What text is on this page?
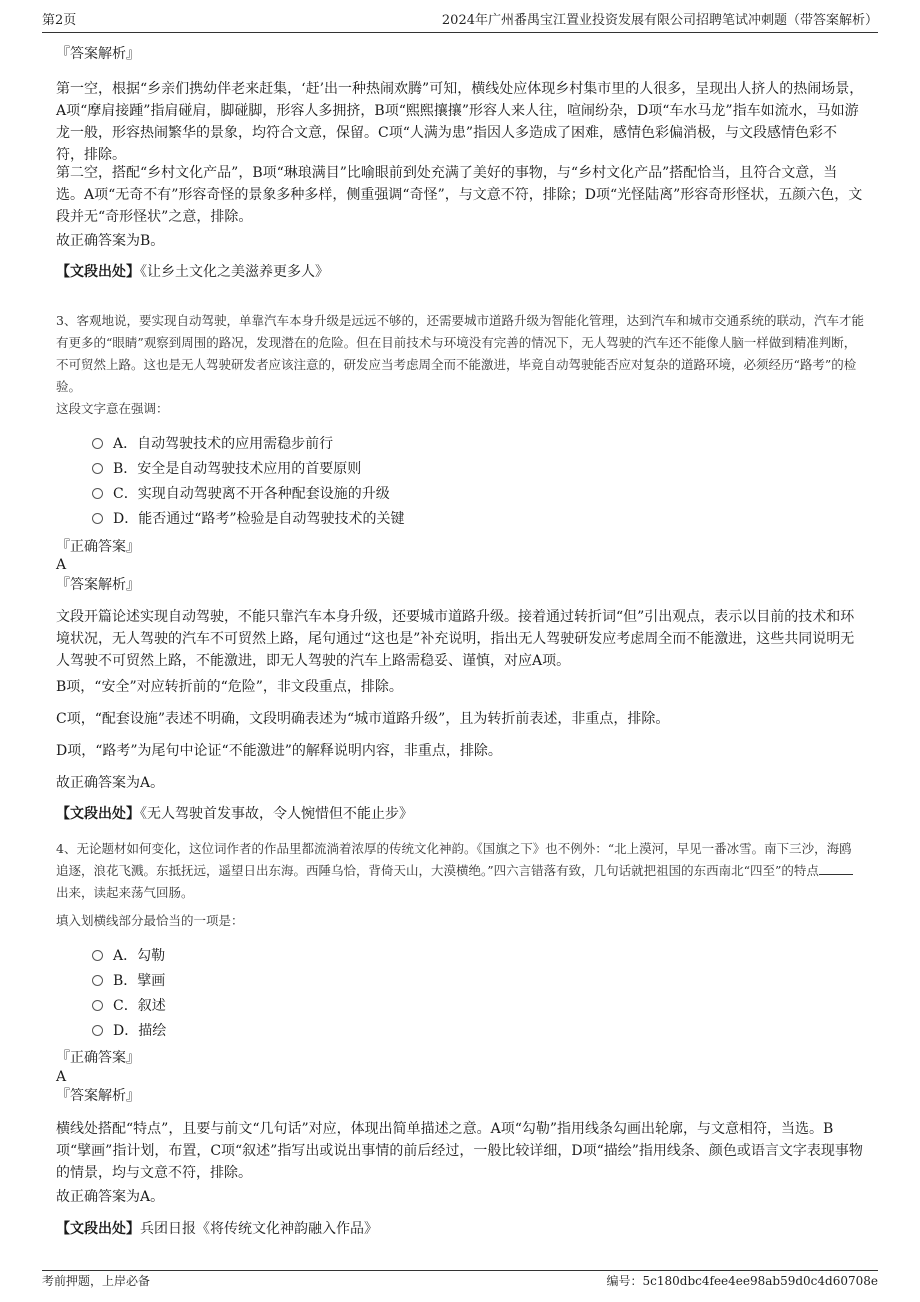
第2页	2024年广州番禺宝江置业投资发展有限公司招聘笔试冲刺题（带答案解析）

『答案解析』

第一空，根据“乡亲们携幼伴老来赶集，‘赶’出一种热闹欢腾”可知，横线处应体现乡村集市里的人很多，呈现出人挤人的热闹场景，A项“摩肩接踵”指肩碰肩，脚碰脚，形容人多拥挤，B项“熙熙攘攘”形容人来人往，喧闹纷杂，D项“车水马龙”指车如流水，马如游龙一般，形容热闹繁华的景象，均符合文意，保留。C项“人满为患”指因人多造成了困难，感情色彩偏消极，与文段感情色彩不符，排除。

第二空，搭配“乡村文化产品”，B项“琳琅满目”比喻眼前到处充满了美好的事物，与“乡村文化产品”搭配恰当，且符合文意，当选。A项“无奇不有”形容奇怪的景象多种多样，侧重强调“奇怪”，与文意不符，排除；D项“光怪陆离”形容奇形怪状，五颜六色，文段并无“奇形怪状”之意，排除。

故正确答案为B。

【文段出处】《让乡土文化之美滋养更多人》

3、客观地说，要实现自动驾驶，单靠汽车本身升级是远远不够的，还需要城市道路升级为智能化管理，达到汽车和城市交通系统的联动，汽车才能有更多的“眼睛”观察到周围的路况，发现潜在的危险。但在目前技术与环境没有完善的情况下，无人驾驶的汽车还不能像人脑一样做到精准判断，不可贸然上路。这也是无人驾驶研发者应该注意的，研发应当考虑周全而不能激进，毕竟自动驾驶能否应对复杂的道路环境，必须经历“路考”的检验。

这段文字意在强调：

A．自动驾驶技术的应用需稳步前行
B．安全是自动驾驶技术应用的首要原则
C．实现自动驾驶离不开各种配套设施的升级
D．能否通过“路考”检验是自动驾驶技术的关键

『正确答案』

A

『答案解析』

文段开篇论述实现自动驾驶，不能只靠汽车本身升级，还要城市道路升级。接着通过转折词“但”引出观点，表示以目前的技术和环境状况，无人驾驶的汽车不可贸然上路，尾句通过“这也是”补充说明，指出无人驾驶研发应考虑周全而不能激进，这些共同说明无人驾驶不可贸然上路，不能激进，即无人驾驶的汽车上路需稳妥、谨慎，对应A项。

B项，“安全”对应转折前的“危险”，非文段重点，排除。

C项，“配套设施”表述不明确，文段明确表述为“城市道路升级”，且为转折前表述，非重点，排除。

D项，“路考”为尾句中论证“不能激进”的解释说明内容，非重点，排除。

故正确答案为A。

【文段出处】《无人驾驶首发事故，令人惋惜但不能止步》

4、无论题材如何变化，这位词作者的作品里都流淌着浓厚的传统文化神韵。《国旗之下》也不例外：“北上漠河，早见一番冰雪。南下三沙，海鸥追逐，浪花飞溅。东抵抚远，遥望日出东海。西陲乌恰，背倚天山，大漠横绝。”四六言错落有致，几句话就把祖国的东西南北“四至”的特点出来，读起来荡气回肠。

填入划横线部分最恰当的一项是：

A．勾勒
B．擘画
C．叙述
D．描绘

『正确答案』

A

『答案解析』

横线处搭配“特点”，且要与前文“几句话”对应，体现出简单描述之意。A项“勾勒”指用线条勾画出轮廓，与文意相符，当选。B项“擘画”指计划，布置，C项“叙述”指写出或说出事情的前后经过，一般比较详细，D项“描绘”指用线条、颜色或语言文字表现事物的情景，均与文意不符，排除。

故正确答案为A。

【文段出处】兵团日报《将传统文化神韵融入作品》

考前押题，上岸必备	编号：5c180dbc4fee4ee98ab59d0c4d60708e
